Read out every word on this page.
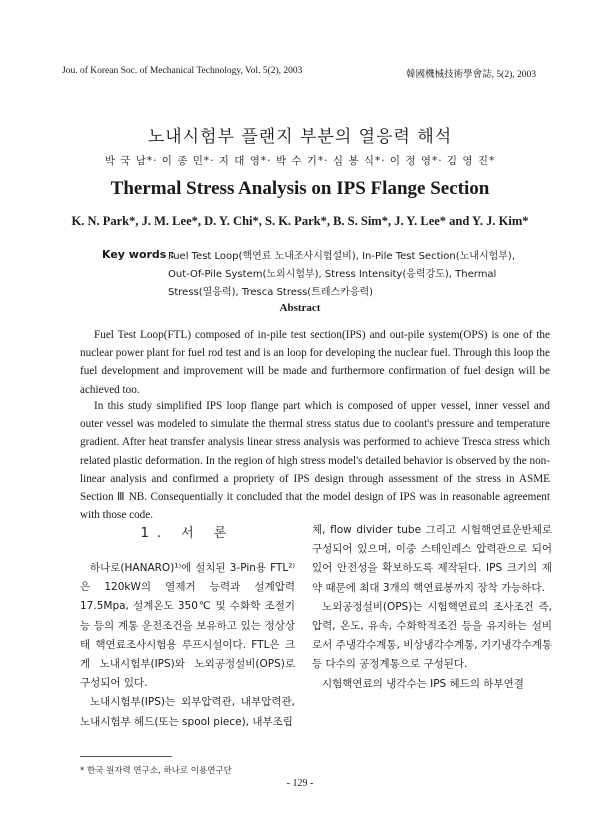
Jou. of Korean Soc. of Mechanical Technology, Vol. 5(2), 2003	韓國機械技術學會誌, 5(2), 2003
노내시험부 플랜지 부분의 열응력 해석
박 국 남*· 이 종 민*· 지 대 영*· 박 수 기*· 심 봉 식*· 이 정 영*· 김 영 진*
Thermal Stress Analysis on IPS Flange Section
K. N. Park*, J. M. Lee*, D. Y. Chi*, S. K. Park*, B. S. Sim*, J. Y. Lee* and Y. J. Kim*
Key words :
Fuel Test Loop(핵연료 노내조사시험설비), In-Pile Test Section(노내시험부), Out-Of-Pile System(노외시험부), Stress Intensity(응력강도), Thermal Stress(열응력), Tresca Stress(트레스카응력)
Abstract
Fuel Test Loop(FTL) composed of in-pile test section(IPS) and out-pile system(OPS) is one of the nuclear power plant for fuel rod test and is an loop for developing the nuclear fuel. Through this loop the fuel development and improvement will be made and furthermore confirmation of fuel design will be achieved too.
In this study simplified IPS loop flange part which is composed of upper vessel, inner vessel and outer vessel was modeled to simulate the thermal stress status due to coolant's pressure and temperature gradient. After heat transfer analysis linear stress analysis was performed to achieve Tresca stress which related plastic deformation. In the region of high stress model's detailed behavior is observed by the non-linear analysis and confirmed a propriety of IPS design through assessment of the stress in ASME Section Ⅲ NB. Consequentially it concluded that the model design of IPS was in reasonable agreement with those code.
1. 서 론

하나로(HANARO)¹⁾에 설치된 3-Pin용 FTL²⁾은 120kW의 열제거 능력과 설계압력 17.5Mpa, 설계온도 350℃ 및 수화학 조절기능 등의 계통 운전조건을 보유하고 있는 정상상태 핵연료조사시험용 루프시설이다. FTL은 크게 노내시험부(IPS)와 노외공정설비(OPS)로 구성되어 있다.

노내시험부(IPS)는 외부압력관, 내부압력관, 노내시험부 헤드(또는 spool piece), 내부조립

체, flow divider tube 그리고 시험핵연료운반체로 구성되어 있으며, 이중 스테인레스 압력관으로 되어 있어 안전성을 확보하도록 제작된다. IPS 크기의 제약 때문에 최대 3개의 핵연료봉까지 장착 가능하다.

노외공정설비(OPS)는 시험핵연료의 조사조건 즉, 압력, 온도, 유속, 수화학적조건 등을 유지하는 설비로서 주냉각수계통, 비상냉각수계통, 기기냉각수계통 등 다수의 공정계통으로 구성된다.

시험핵연료의 냉각수는 IPS 헤드의 하부연결

* 한국 원자력 연구소, 하나로 이용연구단
- 129 -
